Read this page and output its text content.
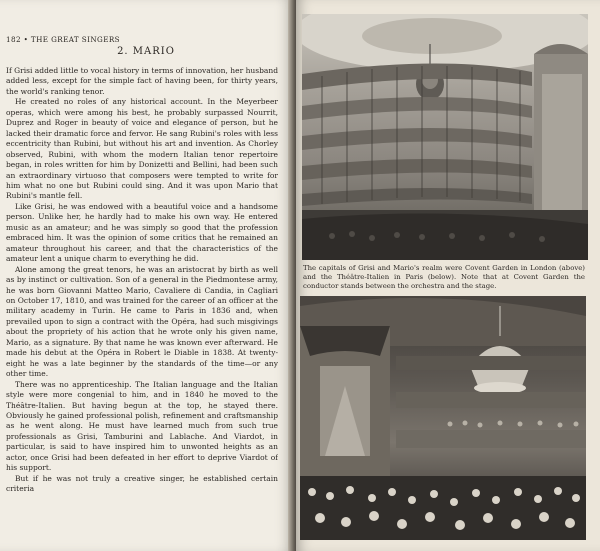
182 • THE GREAT SINGERS
2. MARIO

If Grisi added little to vocal history in terms of innovation, her husband added less, except for the simple fact of having been, for thirty years, the world's ranking tenor.

He created no roles of any historical account. In the Meyerbeer operas, which were among his best, he probably surpassed Nourrit, Duprez and Roger in beauty of voice and elegance of person, but he lacked their dramatic force and fervor. He sang Rubini's roles with less eccentricity than Rubini, but without his art and invention. As Chorley observed, Rubini, with whom the modern Italian tenor repertoire began, in roles written for him by Donizetti and Bellini, had been such an extraordinary virtuoso that composers were tempted to write for him what no one but Rubini could sing. And it was upon Mario that Rubini's mantle fell.

Like Grisi, he was endowed with a beautiful voice and a handsome person. Unlike her, he hardly had to make his own way. He entered music as an amateur; and he was simply so good that the profession embraced him. It was the opinion of some critics that he remained an amateur throughout his career, and that the characteristics of the amateur lent a unique charm to everything he did.

Alone among the great tenors, he was an aristocrat by birth as well as by instinct or cultivation. Son of a general in the Piedmontese army, he was born Giovanni Matteo Mario, Cavaliere di Candia, in Cagliari on October 17, 1810, and was trained for the career of an officer at the military academy in Turin. He came to Paris in 1836 and, when prevailed upon to sign a contract with the Opéra, had such misgivings about the propriety of his action that he wrote only his given name, Mario, as a signature. By that name he was known ever afterward. He made his debut at the Opéra in Robert le Diable in 1838. At twenty-eight he was a late beginner by the standards of the time—or any other time.

There was no apprenticeship. The Italian language and the Italian style were more congenial to him, and in 1840 he moved to the Théâtre-Italien. But having begun at the top, he stayed there. Obviously he gained professional polish, refinement and craftsmanship as he went along. He must have learned much from such true professionals as Grisi, Tamburini and Lablache. And Viardot, in particular, is said to have inspired him to unwonted heights as an actor, once Grisi had been defeated in her effort to deprive Viardot of his support.

But if he was not truly a creative singer, he established certain criteria

The capitals of Grisi and Mario's realm were Covent Garden in London (above) and the Théâtre-Italien in Paris (below). Note that at Covent Garden the conductor stands between the orchestra and the stage.
